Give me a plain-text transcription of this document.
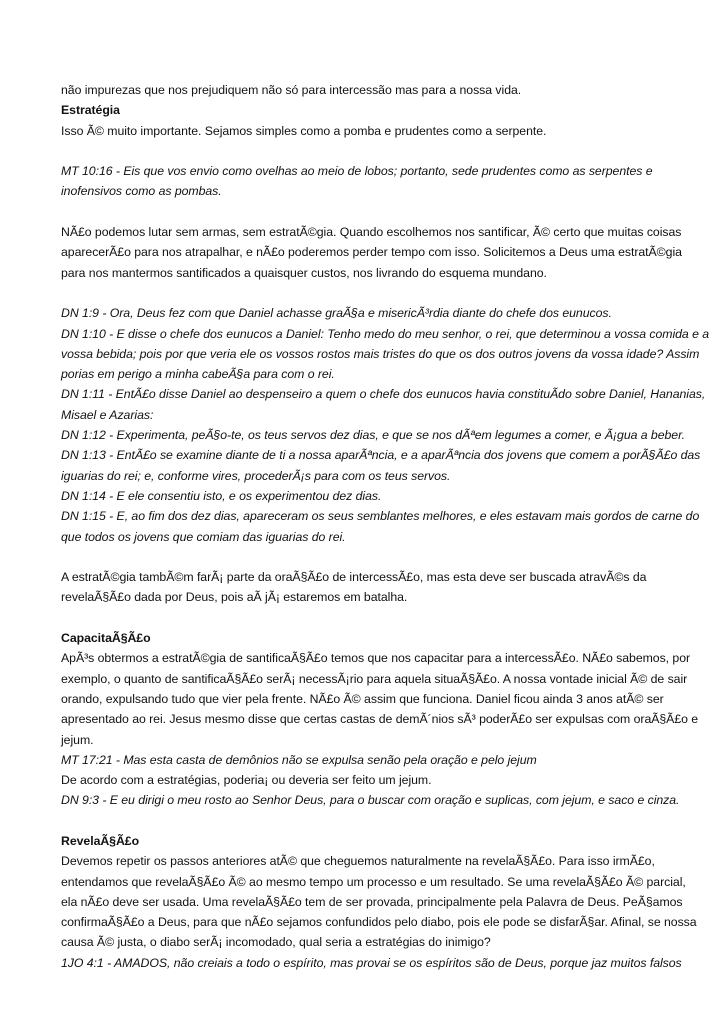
não impurezas que nos prejudiquem não só para intercessão mas para a nossa vida.
Estratégia
Isso Ã© muito importante. Sejamos simples como a pomba e prudentes como a serpente.
MT 10:16 - Eis que vos envio como ovelhas ao meio de lobos; portanto, sede prudentes como as serpentes e
inofensivos como as pombas.
NÃ£o podemos lutar sem armas, sem estratÃ©gia. Quando escolhemos nos santificar, Ã© certo que muitas coisas
aparecerÃ£o para nos atrapalhar, e nÃ£o poderemos perder tempo com isso. Solicitemos a Deus uma estratÃ©gia
para nos mantermos santificados a quaisquer custos, nos livrando do esquema mundano.
DN 1:9 - Ora, Deus fez com que Daniel achasse graÃ§a e misericÃ³rdia diante do chefe dos eunucos.
DN 1:10 - E disse o chefe dos eunucos a Daniel: Tenho medo do meu senhor, o rei, que determinou a vossa comida e a
vossa bebida; pois por que veria ele os vossos rostos mais tristes do que os dos outros jovens da vossa idade? Assim
porias em perigo a minha cabeÃ§a para com o rei.
DN 1:11 - EntÃ£o disse Daniel ao despenseiro a quem o chefe dos eunucos havia constituÃdo sobre Daniel, Hananias,
Misael e Azarias:
DN 1:12 - Experimenta, peÃ§o-te, os teus servos dez dias, e que se nos dÃªem legumes a comer, e Ã¡gua a beber.
DN 1:13 - EntÃ£o se examine diante de ti a nossa aparÃªncia, e a aparÃªncia dos jovens que comem a porÃ§Ã£o das
iguarias do rei; e, conforme vires, procederÃ¡s para com os teus servos.
DN 1:14 - E ele consentiu isto, e os experimentou dez dias.
DN 1:15 - E, ao fim dos dez dias, apareceram os seus semblantes melhores, e eles estavam mais gordos de carne do
que todos os jovens que comiam das iguarias do rei.
A estratÃ©gia tambÃ©m farÃ¡ parte da oraÃ§Ã£o de intercessÃ£o, mas esta deve ser buscada atravÃ©s da
revelaÃ§Ã£o dada por Deus, pois aÃ jÃ¡ estaremos em batalha.
CapacitaÃ§Ã£o
ApÃ³s obtermos a estratÃ©gia de santificaÃ§Ã£o temos que nos capacitar para a intercessÃ£o. NÃ£o sabemos, por
exemplo, o quanto de santificaÃ§Ã£o serÃ¡ necessÃ¡rio para aquela situaÃ§Ã£o. A nossa vontade inicial Ã© de sair
orando, expulsando tudo que vier pela frente. NÃ£o Ã© assim que funciona. Daniel ficou ainda 3 anos atÃ© ser
apresentado ao rei. Jesus mesmo disse que certas castas de demÃ´nios sÃ³ poderÃ£o ser expulsas com oraÃ§Ã£o e
jejum.
MT 17:21 - Mas esta casta de demônios não se expulsa senão pela oração e pelo jejum
De acordo com a estratégias, poderia¡ ou deveria ser feito um jejum.
DN 9:3 - E eu dirigi o meu rosto ao Senhor Deus, para o buscar com oração e suplicas, com jejum, e saco e cinza.
RevelaÃ§Ã£o
Devemos repetir os passos anteriores atÃ© que cheguemos naturalmente na revelaÃ§Ã£o. Para isso irmÃ£o,
entendamos que revelaÃ§Ã£o Ã© ao mesmo tempo um processo e um resultado. Se uma revelaÃ§Ã£o Ã© parcial,
ela nÃ£o deve ser usada. Uma revelaÃ§Ã£o tem de ser provada, principalmente pela Palavra de Deus. PeÃ§amos
confirmaÃ§Ã£o a Deus, para que nÃ£o sejamos confundidos pelo diabo, pois ele pode se disfarÃ§ar. Afinal, se nossa
causa Ã© justa, o diabo serÃ¡ incomodado, qual seria a estratégias do inimigo?
1JO 4:1 - AMADOS, não creiais a todo o espírito, mas provai se os espíritos são de Deus, porque jaz muitos falsos
